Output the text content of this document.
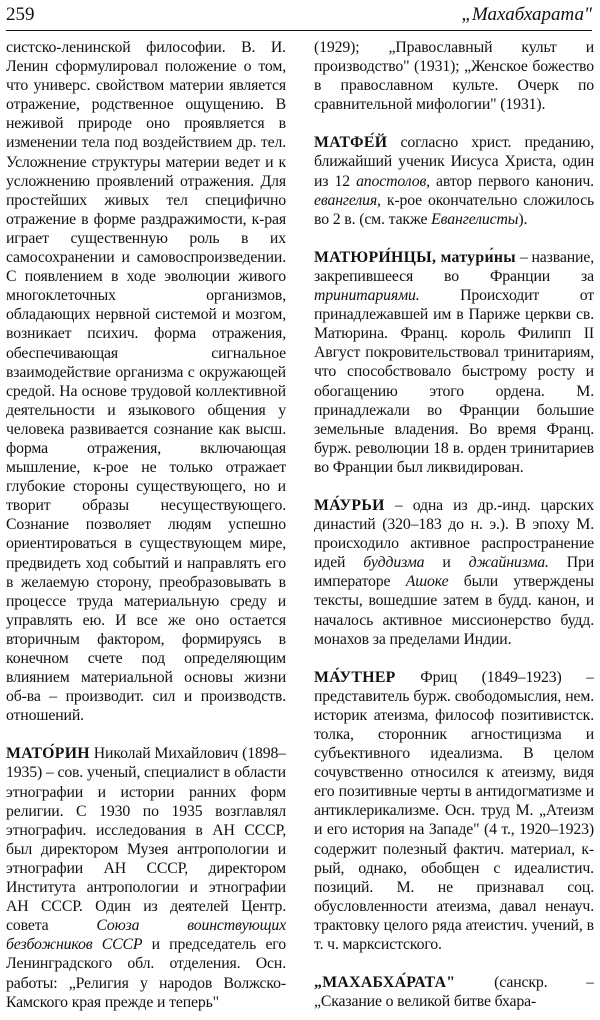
259	„Махабхарата"

систско-ленинской философии. В. И. Ленин сформулировал положение о том, что универс. свойством материи является отражение, родственное ощущению. В неживой природе оно проявляется в изменении тела под воздействием др. тел. Усложнение структуры материи ведет и к усложнению проявлений отражения. Для простейших живых тел специфично отражение в форме раздражимости, к-рая играет существенную роль в их самосохранении и самовоспроизведении. С появлением в ходе эволюции живого многоклеточных организмов, обладающих нервной системой и мозгом, возникает психич. форма отражения, обеспечивающая сигнальное взаимодействие организма с окружающей средой. На основе трудовой коллективной деятельности и языкового общения у человека развивается сознание как высш. форма отражения, включающая мышление, к-рое не только отражает глубокие стороны существующего, но и творит образы несуществующего. Сознание позволяет людям успешно ориентироваться в существующем мире, предвидеть ход событий и направлять его в желаемую сторону, преобразовывать в процессе труда материальную среду и управлять ею. И все же оно остается вторичным фактором, формируясь в конечном счете под определяющим влиянием материальной основы жизни об-ва – производит. сил и производств. отношений.

МАТО́РИН Николай Михайлович (1898–1935) – сов. ученый, специалист в области этнографии и истории ранних форм религии. С 1930 по 1935 возглавлял этнографич. исследования в АН СССР, был директором Музея антропологии и этнографии АН СССР, директором Института антропологии и этнографии АН СССР. Один из деятелей Центр. совета Союза воинствующих безбожников СССР и председатель его Ленинградского обл. отделения. Осн. работы: „Религия у народов Волжско-Камского края прежде и теперь"

(1929); „Православный культ и производство" (1931); „Женское божество в православном культе. Очерк по сравнительной мифологии" (1931).

МАТФЕ́Й согласно христ. преданию, ближайший ученик Иисуса Христа, один из 12 апостолов, автор первого канонич. евангелия, к-рое окончательно сложилось во 2 в. (см. также Евангелисты).

МАТЮРИ́НЦЫ, матури́ны – название, закрепившееся во Франции за тринитариями. Происходит от принадлежавшей им в Париже церкви св. Матюрина. Франц. король Филипп II Август покровительствовал тринитариям, что способствовало быстрому росту и обогащению этого ордена. М. принадлежали во Франции большие земельные владения. Во время Франц. бурж. революции 18 в. орден тринитариев во Франции был ликвидирован.

МА́УРЬИ – одна из др.-инд. царских династий (320–183 до н. э.). В эпоху М. происходило активное распространение идей буддизма и джайнизма. При императоре Ашоке были утверждены тексты, вошедшие затем в будд. канон, и началось активное миссионерство будд. монахов за пределами Индии.

МА́УТНЕР Фриц (1849–1923) – представитель бурж. свободомыслия, нем. историк атеизма, философ позитивистск. толка, сторонник агностицизма и субъективного идеализма. В целом сочувственно относился к атеизму, видя его позитивные черты в антидогматизме и антиклерикализме. Осн. труд М. „Атеизм и его история на Западе" (4 т., 1920–1923) содержит полезный фактич. материал, к-рый, однако, обобщен с идеалистич. позиций. М. не признавал соц. обусловленности атеизма, давал ненауч. трактовку целого ряда атеистич. учений, в т. ч. марксистского.

„МАХАБХА́РАТА" (санскр. – „Сказание о великой битве бхара-
